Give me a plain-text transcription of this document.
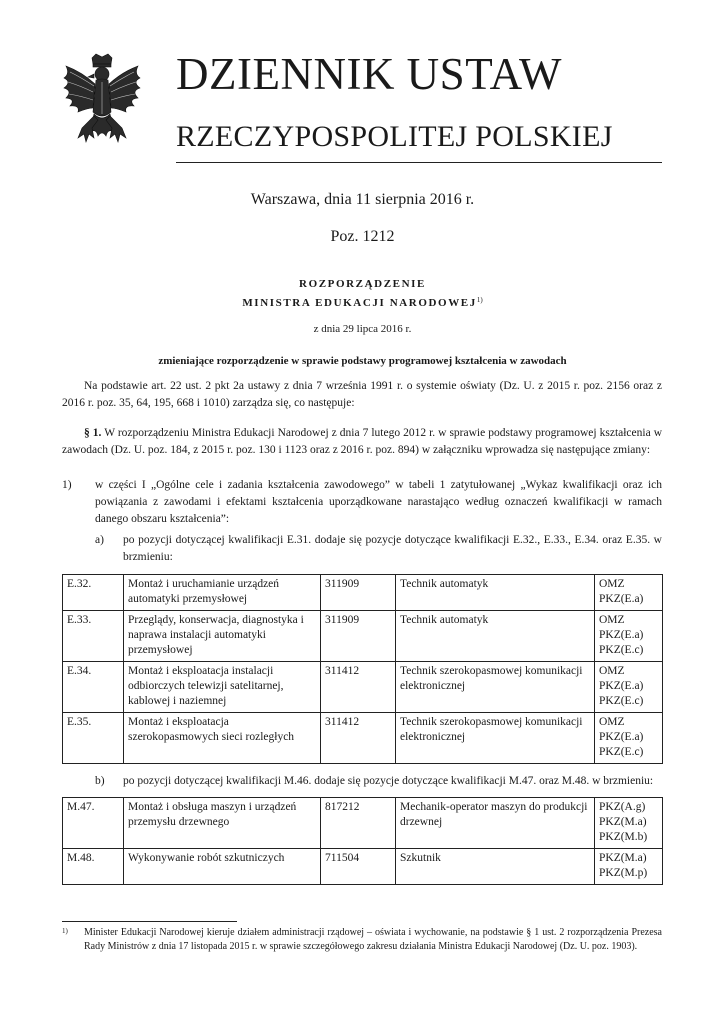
DZIENNIK USTAW
RZECZYPOSPOLITEJ POLSKIEJ
Warszawa, dnia 11 sierpnia 2016 r.
Poz. 1212
ROZPORZĄDZENIE
MINISTRA EDUKACJI NARODOWEJ$^{1)}$
z dnia 29 lipca 2016 r.
zmieniające rozporządzenie w sprawie podstawy programowej kształcenia w zawodach
Na podstawie art. 22 ust. 2 pkt 2a ustawy z dnia 7 września 1991 r. o systemie oświaty (Dz. U. z 2015 r. poz. 2156 oraz z 2016 r. poz. 35, 64, 195, 668 i 1010) zarządza się, co następuje:
§ 1. W rozporządzeniu Ministra Edukacji Narodowej z dnia 7 lutego 2012 r. w sprawie podstawy programowej kształcenia w zawodach (Dz. U. poz. 184, z 2015 r. poz. 130 i 1123 oraz z 2016 r. poz. 894) w załączniku wprowadza się następujące zmiany:
1) w części I „Ogólne cele i zadania kształcenia zawodowego” w tabeli 1 zatytułowanej „Wykaz kwalifikacji oraz ich powiązania z zawodami i efektami kształcenia uporządkowane narastająco według oznaczeń kwalifikacji w ramach danego obszaru kształcenia”:
a) po pozycji dotyczącej kwalifikacji E.31. dodaje się pozycje dotyczące kwalifikacji E.32., E.33., E.34. oraz E.35. w brzmieniu:
E.32.	Montaż i uruchamianie urządzeń automatyki przemysłowej	311909	Technik automatyk	OMZ
PKZ(E.a)

E.33.	Przeglądy, konserwacja, diagnostyka i naprawa instalacji automatyki przemysłowej	311909	Technik automatyk	OMZ
PKZ(E.a)
PKZ(E.c)

E.34.	Montaż i eksploatacja instalacji odbiorczych telewizji satelitarnej, kablowej i naziemnej	311412	Technik szerokopasmowej komunikacji elektronicznej	OMZ
PKZ(E.a)
PKZ(E.c)

E.35.	Montaż i eksploatacja szerokopasmowych sieci rozległych	311412	Technik szerokopasmowej komunikacji elektronicznej	OMZ
PKZ(E.a)
PKZ(E.c)
b) po pozycji dotyczącej kwalifikacji M.46. dodaje się pozycje dotyczące kwalifikacji M.47. oraz M.48. w brzmieniu:
M.47.	Montaż i obsługa maszyn i urządzeń przemysłu drzewnego	817212	Mechanik-operator maszyn do produkcji drzewnej	PKZ(A.g)
PKZ(M.a)
PKZ(M.b)

M.48.	Wykonywanie robót szkutniczych	711504	Szkutnik	PKZ(M.a)
PKZ(M.p)
1) Minister Edukacji Narodowej kieruje działem administracji rządowej – oświata i wychowanie, na podstawie § 1 ust. 2 rozporządzenia Prezesa Rady Ministrów z dnia 17 listopada 2015 r. w sprawie szczegółowego zakresu działania Ministra Edukacji Narodowej (Dz. U. poz. 1903).
